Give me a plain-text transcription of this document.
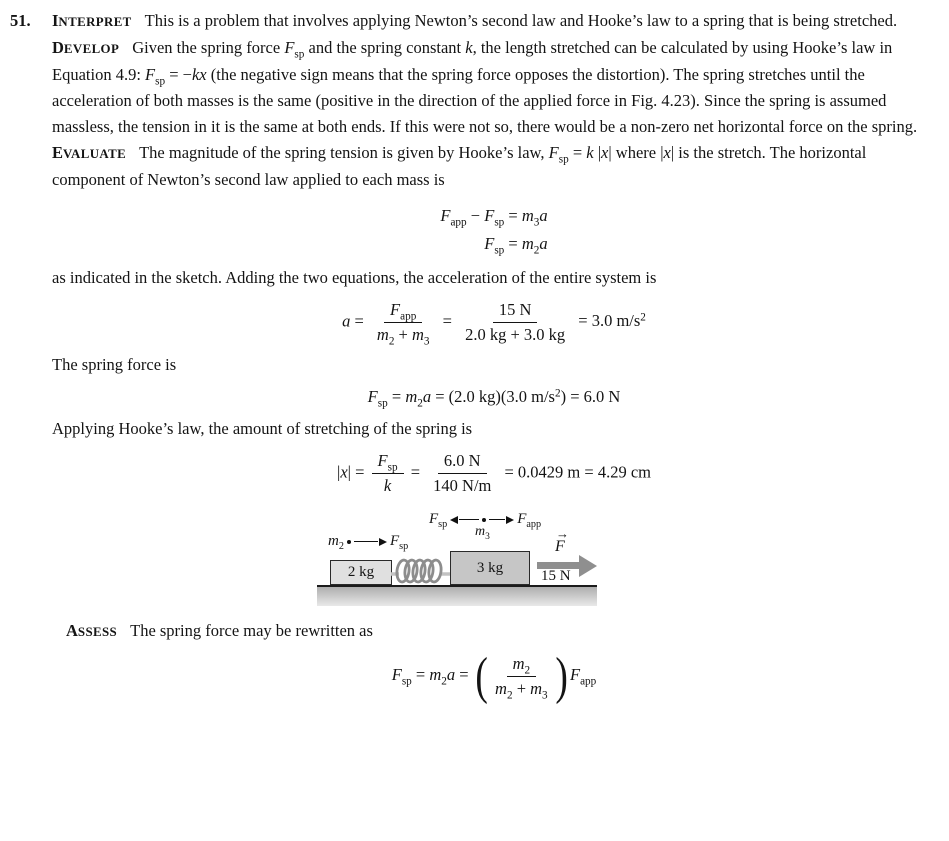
51. INTERPRET This is a problem that involves applying Newton’s second law and Hooke’s law to a spring that is being stretched.

DEVELOP Given the spring force $F_{sp}$ and the spring constant k, the length stretched can be calculated by using Hooke’s law in Equation 4.9: $F_{sp} = -kx$ (the negative sign means that the spring force opposes the distortion). The spring stretches until the acceleration of both masses is the same (positive in the direction of the applied force in Fig. 4.23). Since the spring is assumed massless, the tension in it is the same at both ends. If this were not so, there would be a non-zero net horizontal force on the spring.

EVALUATE The magnitude of the spring tension is given by Hooke’s law, $F_{sp} = k$ |x| where |x| is the stretch. The horizontal component of Newton’s second law applied to each mass is

$F_{app} - F_{sp} = m_3a$
$F_{sp} = m_2a$

as indicated in the sketch. Adding the two equations, the acceleration of the entire system is

$a = \frac{F_{app}}{m_2 + m_3} = \frac{15 N}{2.0 kg + 3.0 kg} = 3.0$ $m/s^2$

The spring force is

$F_{sp} = m_2a = (2.0$ kg)(3.0 $m/s^2) = 6.0$ N

Applying Hooke’s law, the amount of stretching of the spring is

$|x| = \frac{F_{sp}}{k} = \frac{6.0 N}{140 N/m} = 0.0429$ m = 4.29 cm
$F_{sp}$	$F_{app}$
$m_3$
$m_2$	$F_{sp}$
2 kg	3 kg
→
F
15 N

ASSESS The spring force may be rewritten as

$F_{sp} = m_2a$ = ( $\frac{m_2}{m_2 + m_3}$ ) $F_{app}$
